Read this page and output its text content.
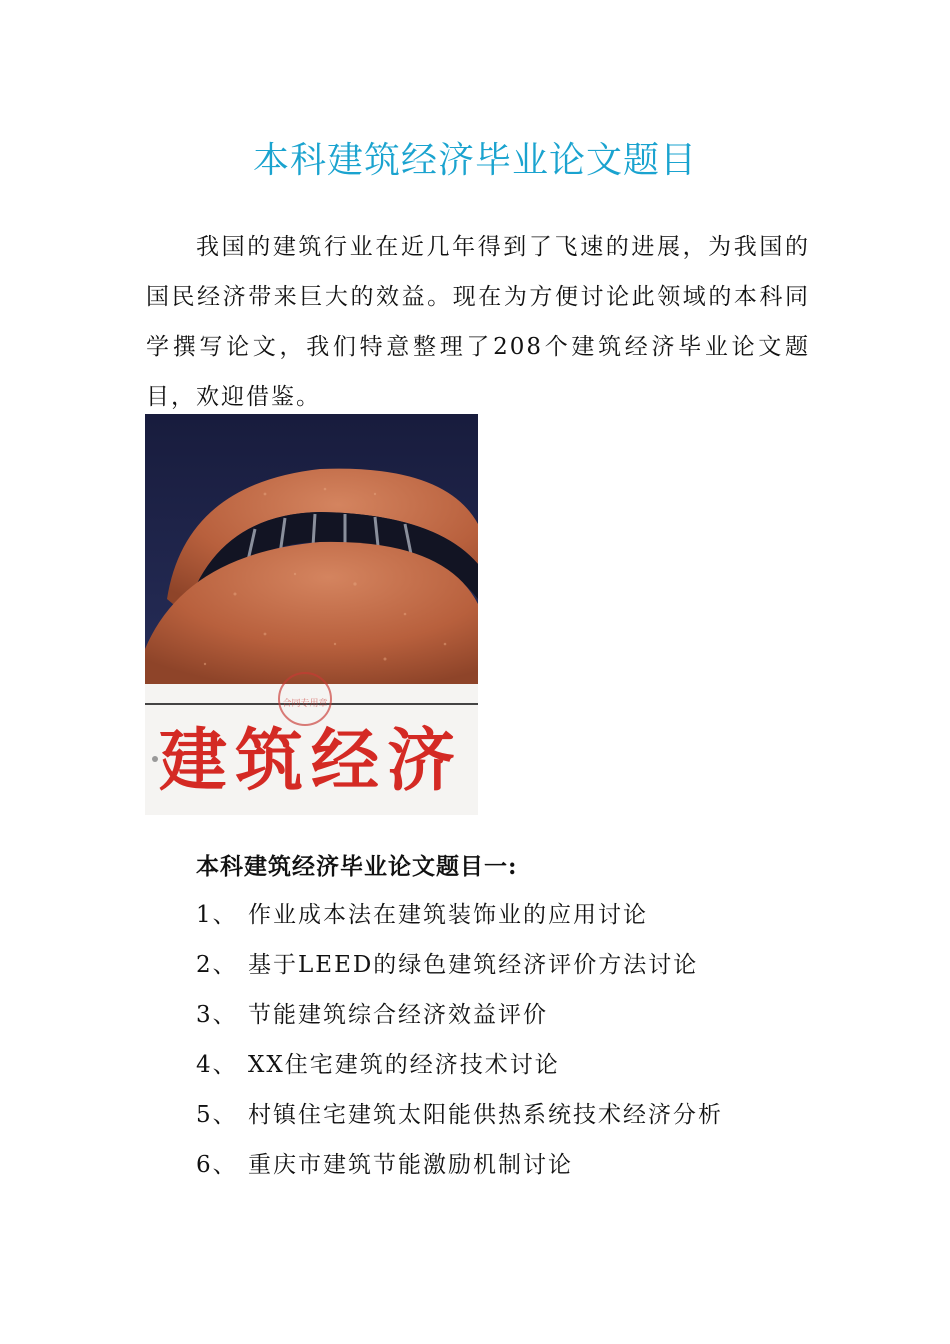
本科建筑经济毕业论文题目

我国的建筑行业在近几年得到了飞速的进展，为我国的国民经济带来巨大的效益。现在为方便讨论此领域的本科同学撰写论文，我们特意整理了208个建筑经济毕业论文题目，欢迎借鉴。

合同专用章
建筑经济
本科建筑经济毕业论文题目一:
1、 作业成本法在建筑装饰业的应用讨论
2、 基于LEED的绿色建筑经济评价方法讨论
3、 节能建筑综合经济效益评价
4、 XX住宅建筑的经济技术讨论
5、 村镇住宅建筑太阳能供热系统技术经济分析
6、 重庆市建筑节能激励机制讨论
